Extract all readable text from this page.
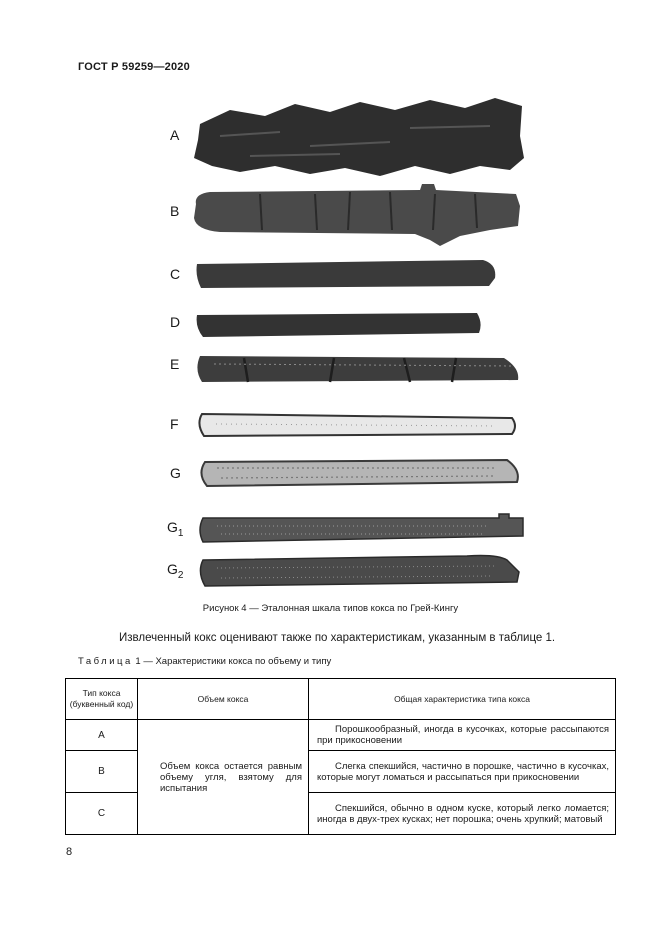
ГОСТ Р 59259—2020
A
B
C
D
E
F
G
$G_1$
$G_2$
Рисунок 4 — Эталонная шкала типов кокса по Грей-Кингу
Извлеченный кокс оценивают также по характеристикам, указанным в таблице 1.
Таблица 1 — Характеристики кокса по объему и типу
Тип кокса (буквенный код)	Объем кокса	Общая характеристика типа кокса
A	Объем кокса остается равным объему угля, взятому для испытания	Порошкообразный, иногда в кусочках, которые рассыпаются при прикосновении
B		Слегка спекшийся, частично в порошке, частично в кусочках, которые могут ломаться и рассыпаться при прикосновении
C		Спекшийся, обычно в одном куске, который легко ломается; иногда в двух-трех кусках; нет порошка; очень хрупкий; матовый
8
